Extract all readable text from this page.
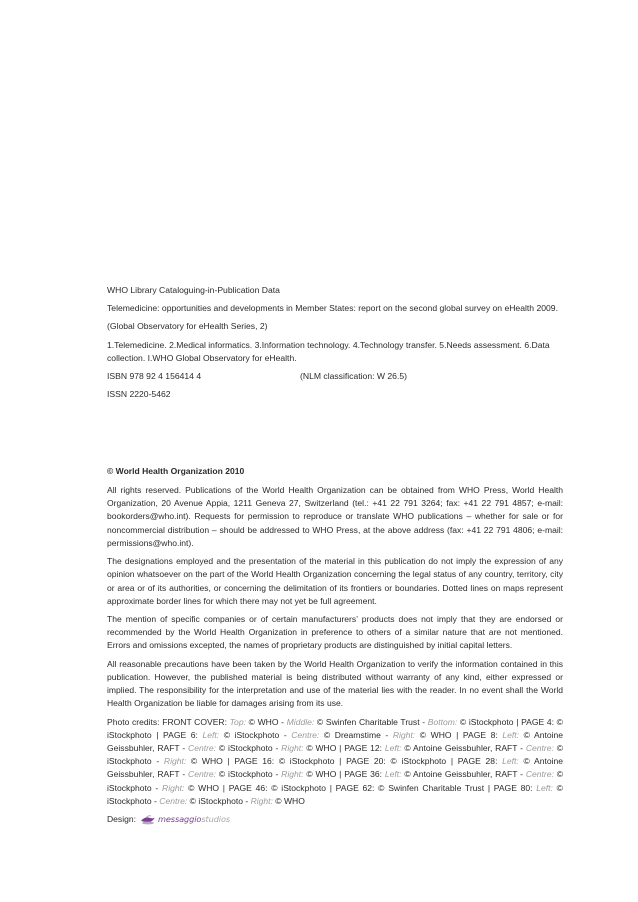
WHO Library Cataloguing-in-Publication Data

Telemedicine: opportunities and developments in Member States: report on the second global survey on eHealth 2009.

(Global Observatory for eHealth Series, 2)

1.Telemedicine. 2.Medical informatics. 3.Information technology. 4.Technology transfer. 5.Needs assessment. 6.Data collection. I.WHO Global Observatory for eHealth.

ISBN 978 92 4 156414 4	(NLM classification: W 26.5)

ISSN 2220-5462

© World Health Organization 2010

All rights reserved. Publications of the World Health Organization can be obtained from WHO Press, World Health Organization, 20 Avenue Appia, 1211 Geneva 27, Switzerland (tel.: +41 22 791 3264; fax: +41 22 791 4857; e-mail: bookorders@who.int). Requests for permission to reproduce or translate WHO publications – whether for sale or for noncommercial distribution – should be addressed to WHO Press, at the above address (fax: +41 22 791 4806; e-mail: permissions@who.int).

The designations employed and the presentation of the material in this publication do not imply the expression of any opinion whatsoever on the part of the World Health Organization concerning the legal status of any country, territory, city or area or of its authorities, or concerning the delimitation of its frontiers or boundaries. Dotted lines on maps represent approximate border lines for which there may not yet be full agreement.

The mention of specific companies or of certain manufacturers’ products does not imply that they are endorsed or recommended by the World Health Organization in preference to others of a similar nature that are not mentioned. Errors and omissions excepted, the names of proprietary products are distinguished by initial capital letters.

All reasonable precautions have been taken by the World Health Organization to verify the information contained in this publication. However, the published material is being distributed without warranty of any kind, either expressed or implied. The responsibility for the interpretation and use of the material lies with the reader. In no event shall the World Health Organization be liable for damages arising from its use.

Photo credits: FRONT COVER: Top: © WHO - Middle: © Swinfen Charitable Trust - Bottom: © iStockphoto | PAGE 4: © iStockphoto | PAGE 6: Left: © iStockphoto - Centre: © Dreamstime - Right: © WHO | PAGE 8: Left: © Antoine Geissbuhler, RAFT - Centre: © iStockphoto - Right: © WHO | PAGE 12: Left: © Antoine Geissbuhler, RAFT - Centre: © iStockphoto - Right: © WHO | PAGE 16: © iStockphoto | PAGE 20: © iStockphoto | PAGE 28: Left: © Antoine Geissbuhler, RAFT - Centre: © iStockphoto - Right: © WHO | PAGE 36: Left: © Antoine Geissbuhler, RAFT - Centre: © iStockphoto - Right: © WHO | PAGE 46: © iStockphoto | PAGE 62: © Swinfen Charitable Trust | PAGE 80: Left: © iStockphoto - Centre: © iStockphoto - Right: © WHO

Design:	messaggiostudios
